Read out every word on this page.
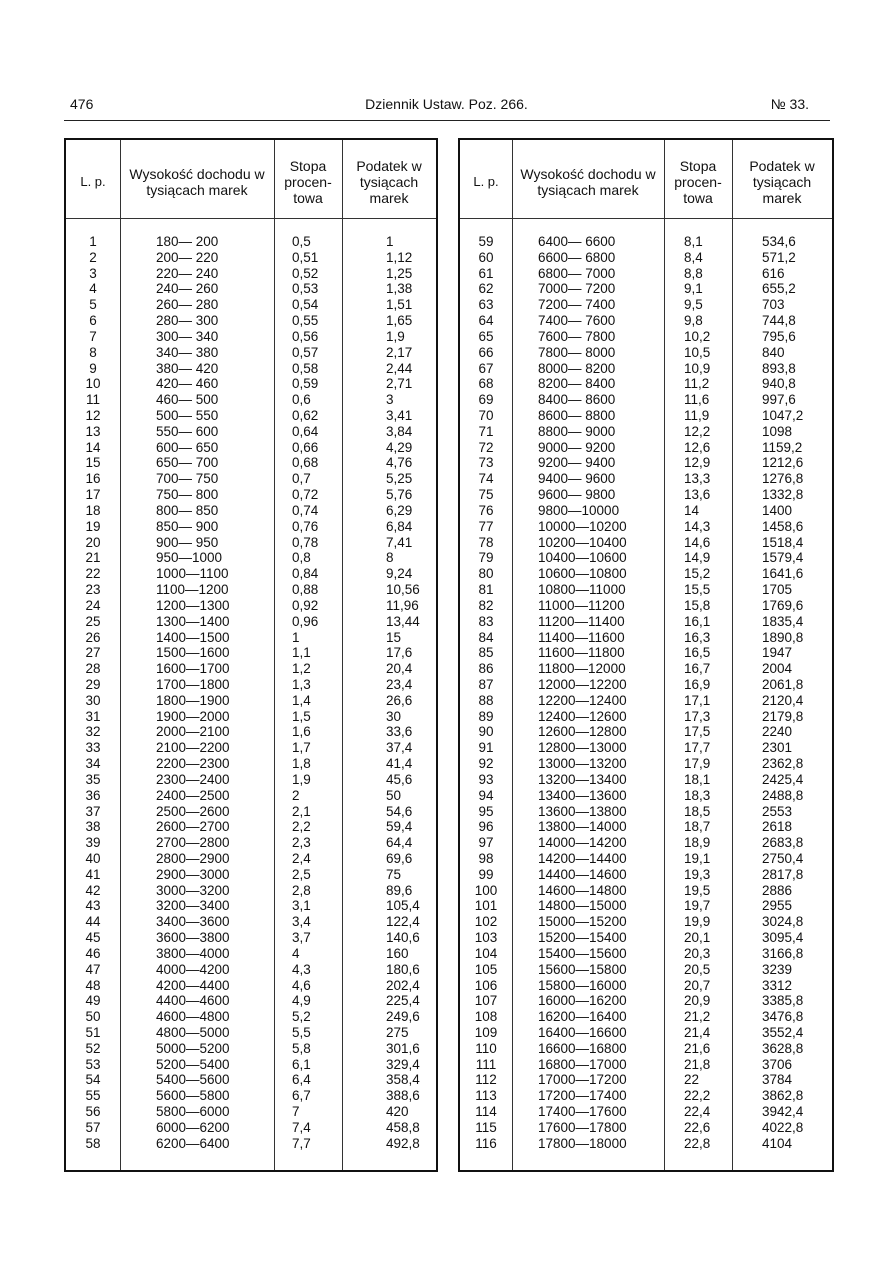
476	Dziennik Ustaw. Poz. 266.	№ 33.
L. p.	Wysokość dochodu w tysiącach marek
Stopa procen- towa
Podatek w tysiącach marek
1	180— 200	0,5	1
2	200— 220	0,51	1,12
3	220— 240	0,52	1,25
4	240— 260	0,53	1,38
5	260— 280	0,54	1,51
6	280— 300	0,55	1,65
7	300— 340	0,56	1,9
8	340— 380	0,57	2,17
9	380— 420	0,58	2,44
10	420— 460	0,59	2,71
11	460— 500	0,6	3
12	500— 550	0,62	3,41
13	550— 600	0,64	3,84
14	600— 650	0,66	4,29
15	650— 700	0,68	4,76
16	700— 750	0,7	5,25
17	750— 800	0,72	5,76
18	800— 850	0,74	6,29
19	850— 900	0,76	6,84
20	900— 950	0,78	7,41
21	950—1000	0,8	8
22	1000—1100	0,84	9,24
23	1100—1200	0,88	10,56
24	1200—1300	0,92	11,96
25	1300—1400	0,96	13,44
26	1400—1500	1	15
27	1500—1600	1,1	17,6
28	1600—1700	1,2	20,4
29	1700—1800	1,3	23,4
30	1800—1900	1,4	26,6
31	1900—2000	1,5	30
32	2000—2100	1,6	33,6
33	2100—2200	1,7	37,4
34	2200—2300	1,8	41,4
35	2300—2400	1,9	45,6
36	2400—2500	2	50
37	2500—2600	2,1	54,6
38	2600—2700	2,2	59,4
39	2700—2800	2,3	64,4
40	2800—2900	2,4	69,6
41	2900—3000	2,5	75
42	3000—3200	2,8	89,6
43	3200—3400	3,1	105,4
44	3400—3600	3,4	122,4
45	3600—3800	3,7	140,6
46	3800—4000	4	160
47	4000—4200	4,3	180,6
48	4200—4400	4,6	202,4
49	4400—4600	4,9	225,4
50	4600—4800	5,2	249,6
51	4800—5000	5,5	275
52	5000—5200	5,8	301,6
53	5200—5400	6,1	329,4
54	5400—5600	6,4	358,4
55	5600—5800	6,7	388,6
56	5800—6000	7	420
57	6000—6200	7,4	458,8
58	6200—6400	7,7	492,8
L. p.	Wysokość dochodu w tysiącach marek
Stopa procen- towa
Podatek w tysiącach marek
59	6400— 6600	8,1	534,6
60	6600— 6800	8,4	571,2
61	6800— 7000	8,8	616
62	7000— 7200	9,1	655,2
63	7200— 7400	9,5	703
64	7400— 7600	9,8	744,8
65	7600— 7800	10,2	795,6
66	7800— 8000	10,5	840
67	8000— 8200	10,9	893,8
68	8200— 8400	11,2	940,8
69	8400— 8600	11,6	997,6
70	8600— 8800	11,9	1047,2
71	8800— 9000	12,2	1098
72	9000— 9200	12,6	1159,2
73	9200— 9400	12,9	1212,6
74	9400— 9600	13,3	1276,8
75	9600— 9800	13,6	1332,8
76	9800—10000	14	1400
77	10000—10200	14,3	1458,6
78	10200—10400	14,6	1518,4
79	10400—10600	14,9	1579,4
80	10600—10800	15,2	1641,6
81	10800—11000	15,5	1705
82	11000—11200	15,8	1769,6
83	11200—11400	16,1	1835,4
84	11400—11600	16,3	1890,8
85	11600—11800	16,5	1947
86	11800—12000	16,7	2004
87	12000—12200	16,9	2061,8
88	12200—12400	17,1	2120,4
89	12400—12600	17,3	2179,8
90	12600—12800	17,5	2240
91	12800—13000	17,7	2301
92	13000—13200	17,9	2362,8
93	13200—13400	18,1	2425,4
94	13400—13600	18,3	2488,8
95	13600—13800	18,5	2553
96	13800—14000	18,7	2618
97	14000—14200	18,9	2683,8
98	14200—14400	19,1	2750,4
99	14400—14600	19,3	2817,8
100	14600—14800	19,5	2886
101	14800—15000	19,7	2955
102	15000—15200	19,9	3024,8
103	15200—15400	20,1	3095,4
104	15400—15600	20,3	3166,8
105	15600—15800	20,5	3239
106	15800—16000	20,7	3312
107	16000—16200	20,9	3385,8
108	16200—16400	21,2	3476,8
109	16400—16600	21,4	3552,4
110	16600—16800	21,6	3628,8
111	16800—17000	21,8	3706
112	17000—17200	22	3784
113	17200—17400	22,2	3862,8
114	17400—17600	22,4	3942,4
115	17600—17800	22,6	4022,8
116	17800—18000	22,8	4104
